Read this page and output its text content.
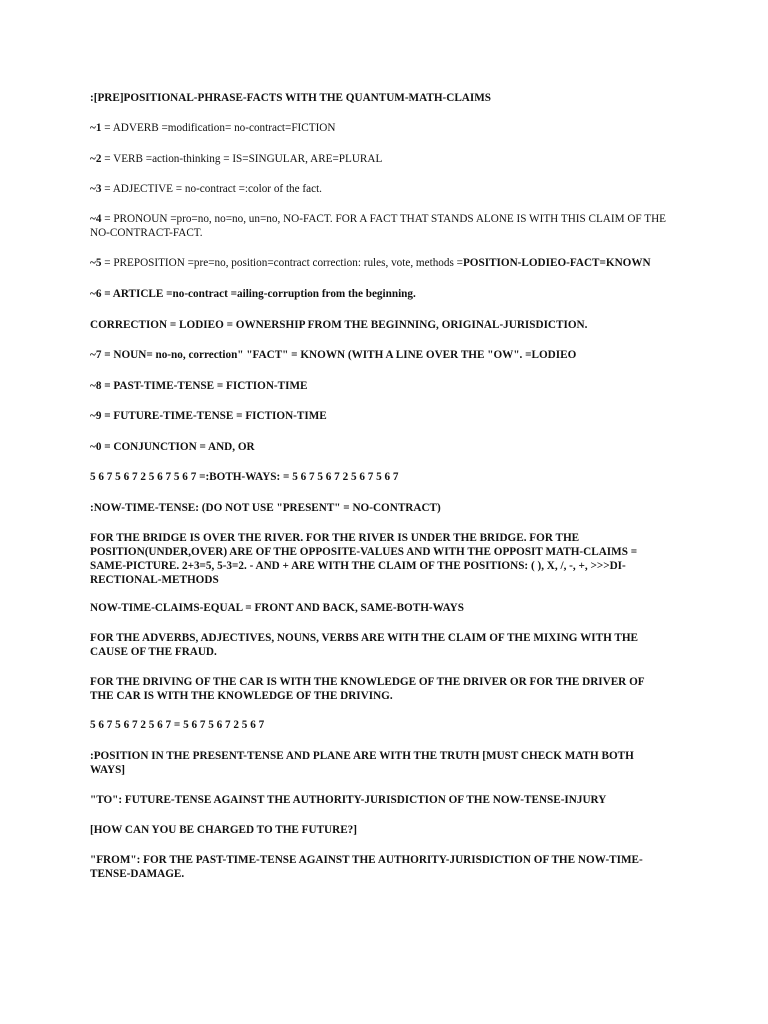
:[PRE]POSITIONAL-PHRASE-FACTS WITH THE QUANTUM-MATH-CLAIMS
~1 = ADVERB =modification= no-contract=FICTION
~2 = VERB =action-thinking = IS=SINGULAR, ARE=PLURAL
~3 = ADJECTIVE = no-contract =:color of the fact.
~4 = PRONOUN =pro=no, no=no, un=no, NO-FACT. FOR A FACT THAT STANDS ALONE IS WITH THIS CLAIM OF THE NO-CONTRACT-FACT.
~5 = PREPOSITION =pre=no, position=contract correction: rules, vote, methods =POSITION-LODIEO-FACT=KNOWN
~6 = ARTICLE =no-contract =ailing-corruption from the beginning.
CORRECTION = LODIEO = OWNERSHIP FROM THE BEGINNING, ORIGINAL-JURISDICTION.
~7 = NOUN= no-no, correction" "FACT" = KNOWN (WITH A LINE OVER THE "OW". =LODIEO
~8 = PAST-TIME-TENSE = FICTION-TIME
~9 = FUTURE-TIME-TENSE = FICTION-TIME
~0 = CONJUNCTION = AND, OR
5 6 7 5 6 7 2 5 6 7 5 6 7 =:BOTH-WAYS: = 5 6 7 5 6 7 2 5 6 7 5 6 7
:NOW-TIME-TENSE: (DO NOT USE "PRESENT" = NO-CONTRACT)
FOR THE BRIDGE IS OVER THE RIVER. FOR THE RIVER IS UNDER THE BRIDGE. FOR THE POSITION(UNDER,OVER) ARE OF THE OPPOSITE-VALUES AND WITH THE OPPOSIT MATH-CLAIMS = SAME-PICTURE. 2+3=5, 5-3=2. - AND + ARE WITH THE CLAIM OF THE POSITIONS: ( ), X, /, -, +, >>>DI-RECTIONAL-METHODS
NOW-TIME-CLAIMS-EQUAL = FRONT AND BACK, SAME-BOTH-WAYS
FOR THE ADVERBS, ADJECTIVES, NOUNS, VERBS ARE WITH THE CLAIM OF THE MIXING WITH THE CAUSE OF THE FRAUD.
FOR THE DRIVING OF THE CAR IS WITH THE KNOWLEDGE OF THE DRIVER OR FOR THE DRIVER OF THE CAR IS WITH THE KNOWLEDGE OF THE DRIVING.
5 6 7 5 6 7 2 5 6 7 = 5 6 7 5 6 7 2 5 6 7
:POSITION IN THE PRESENT-TENSE AND PLANE ARE WITH THE TRUTH [MUST CHECK MATH BOTH WAYS]
"TO": FUTURE-TENSE AGAINST THE AUTHORITY-JURISDICTION OF THE NOW-TENSE-INJURY
[HOW CAN YOU BE CHARGED TO THE FUTURE?]
"FROM": FOR THE PAST-TIME-TENSE AGAINST THE AUTHORITY-JURISDICTION OF THE NOW-TIME-TENSE-DAMAGE.
